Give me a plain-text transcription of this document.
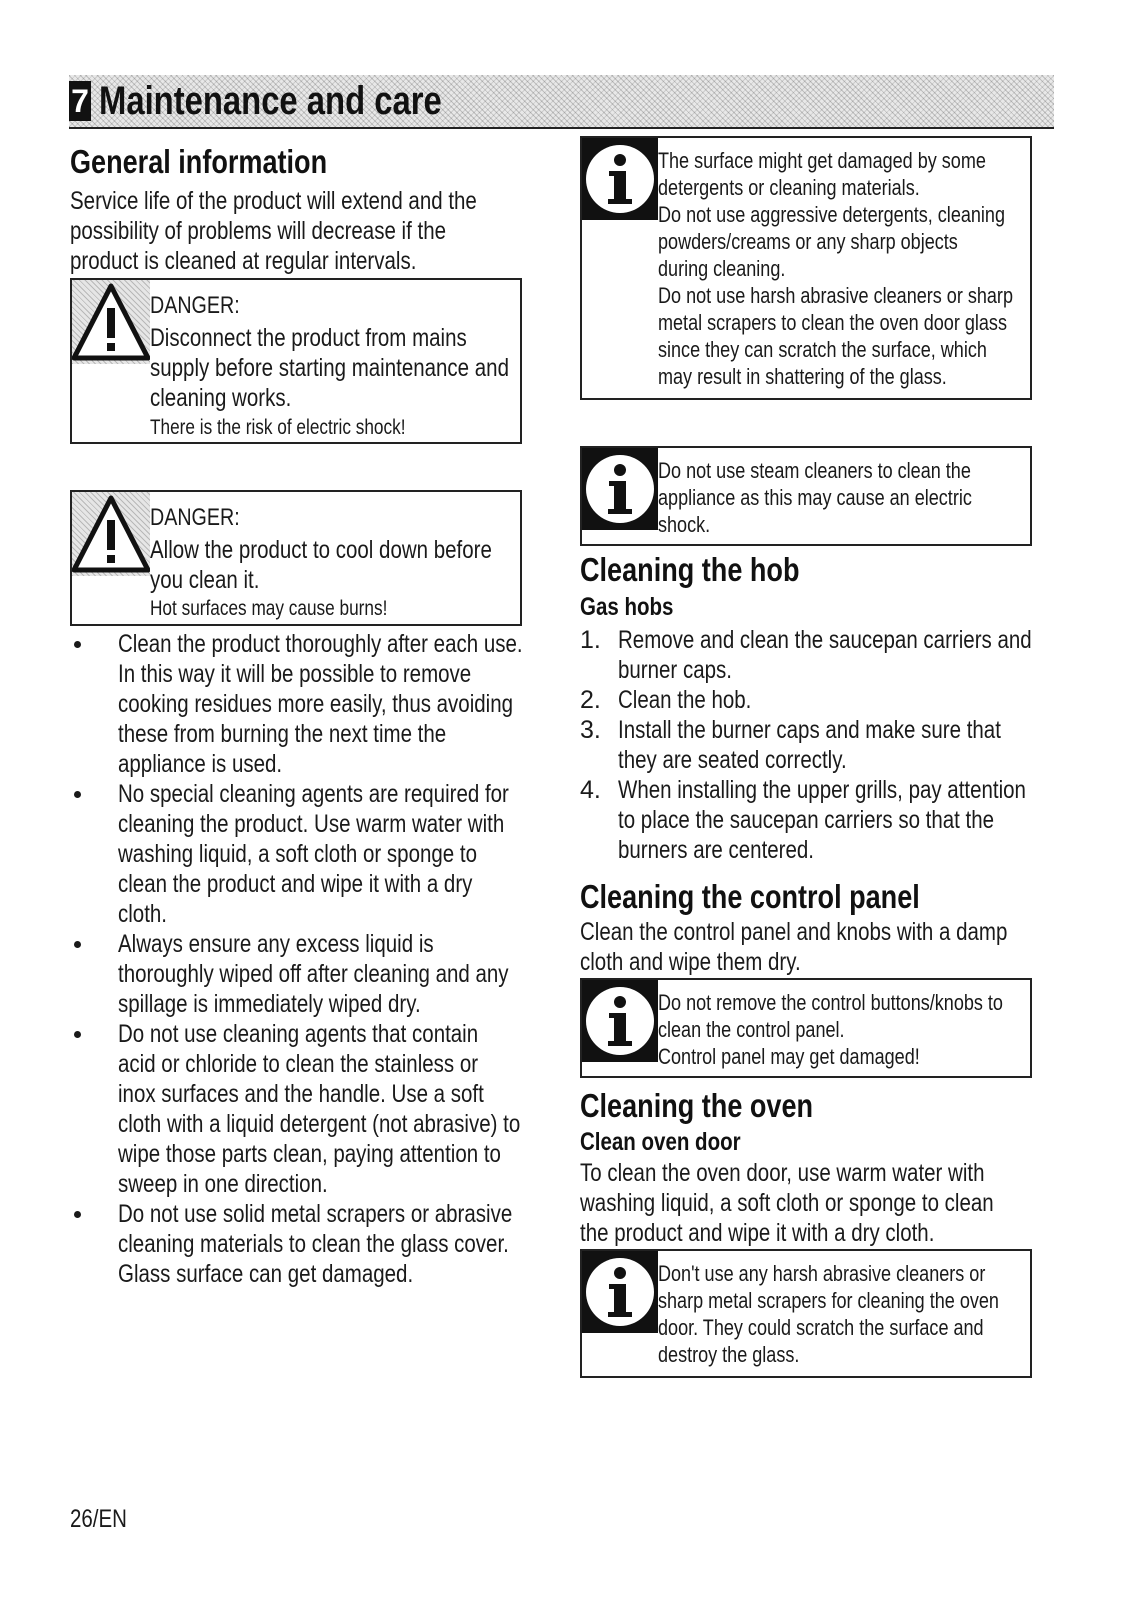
7 Maintenance and care
General information
Service life of the product will extend and the
possibility of problems will decrease if the
product is cleaned at regular intervals.
DANGER:
Disconnect the product from mains
supply before starting maintenance and
cleaning works.
There is the risk of electric shock!
DANGER:
Allow the product to cool down before
you clean it.
Hot surfaces may cause burns!
Clean the product thoroughly after each use.
In this way it will be possible to remove
cooking residues more easily, thus avoiding
these from burning the next time the
appliance is used.
No special cleaning agents are required for
cleaning the product. Use warm water with
washing liquid, a soft cloth or sponge to
clean the product and wipe it with a dry
cloth.
Always ensure any excess liquid is
thoroughly wiped off after cleaning and any
spillage is immediately wiped dry.
Do not use cleaning agents that contain
acid or chloride to clean the stainless or
inox surfaces and the handle. Use a soft
cloth with a liquid detergent (not abrasive) to
wipe those parts clean, paying attention to
sweep in one direction.
Do not use solid metal scrapers or abrasive
cleaning materials to clean the glass cover.
Glass surface can get damaged.
The surface might get damaged by some
detergents or cleaning materials.
Do not use aggressive detergents, cleaning
powders/creams or any sharp objects
during cleaning.
Do not use harsh abrasive cleaners or sharp
metal scrapers to clean the oven door glass
since they can scratch the surface, which
may result in shattering of the glass.
Do not use steam cleaners to clean the
appliance as this may cause an electric
shock.
Cleaning the hob
Gas hobs
1. Remove and clean the saucepan carriers and
burner caps.
2. Clean the hob.
3. Install the burner caps and make sure that
they are seated correctly.
4. When installing the upper grills, pay attention
to place the saucepan carriers so that the
burners are centered.
Cleaning the control panel
Clean the control panel and knobs with a damp
cloth and wipe them dry.
Do not remove the control buttons/knobs to
clean the control panel.
Control panel may get damaged!
Cleaning the oven
Clean oven door
To clean the oven door, use warm water with
washing liquid, a soft cloth or sponge to clean
the product and wipe it with a dry cloth.
Don't use any harsh abrasive cleaners or
sharp metal scrapers for cleaning the oven
door. They could scratch the surface and
destroy the glass.
26/EN
